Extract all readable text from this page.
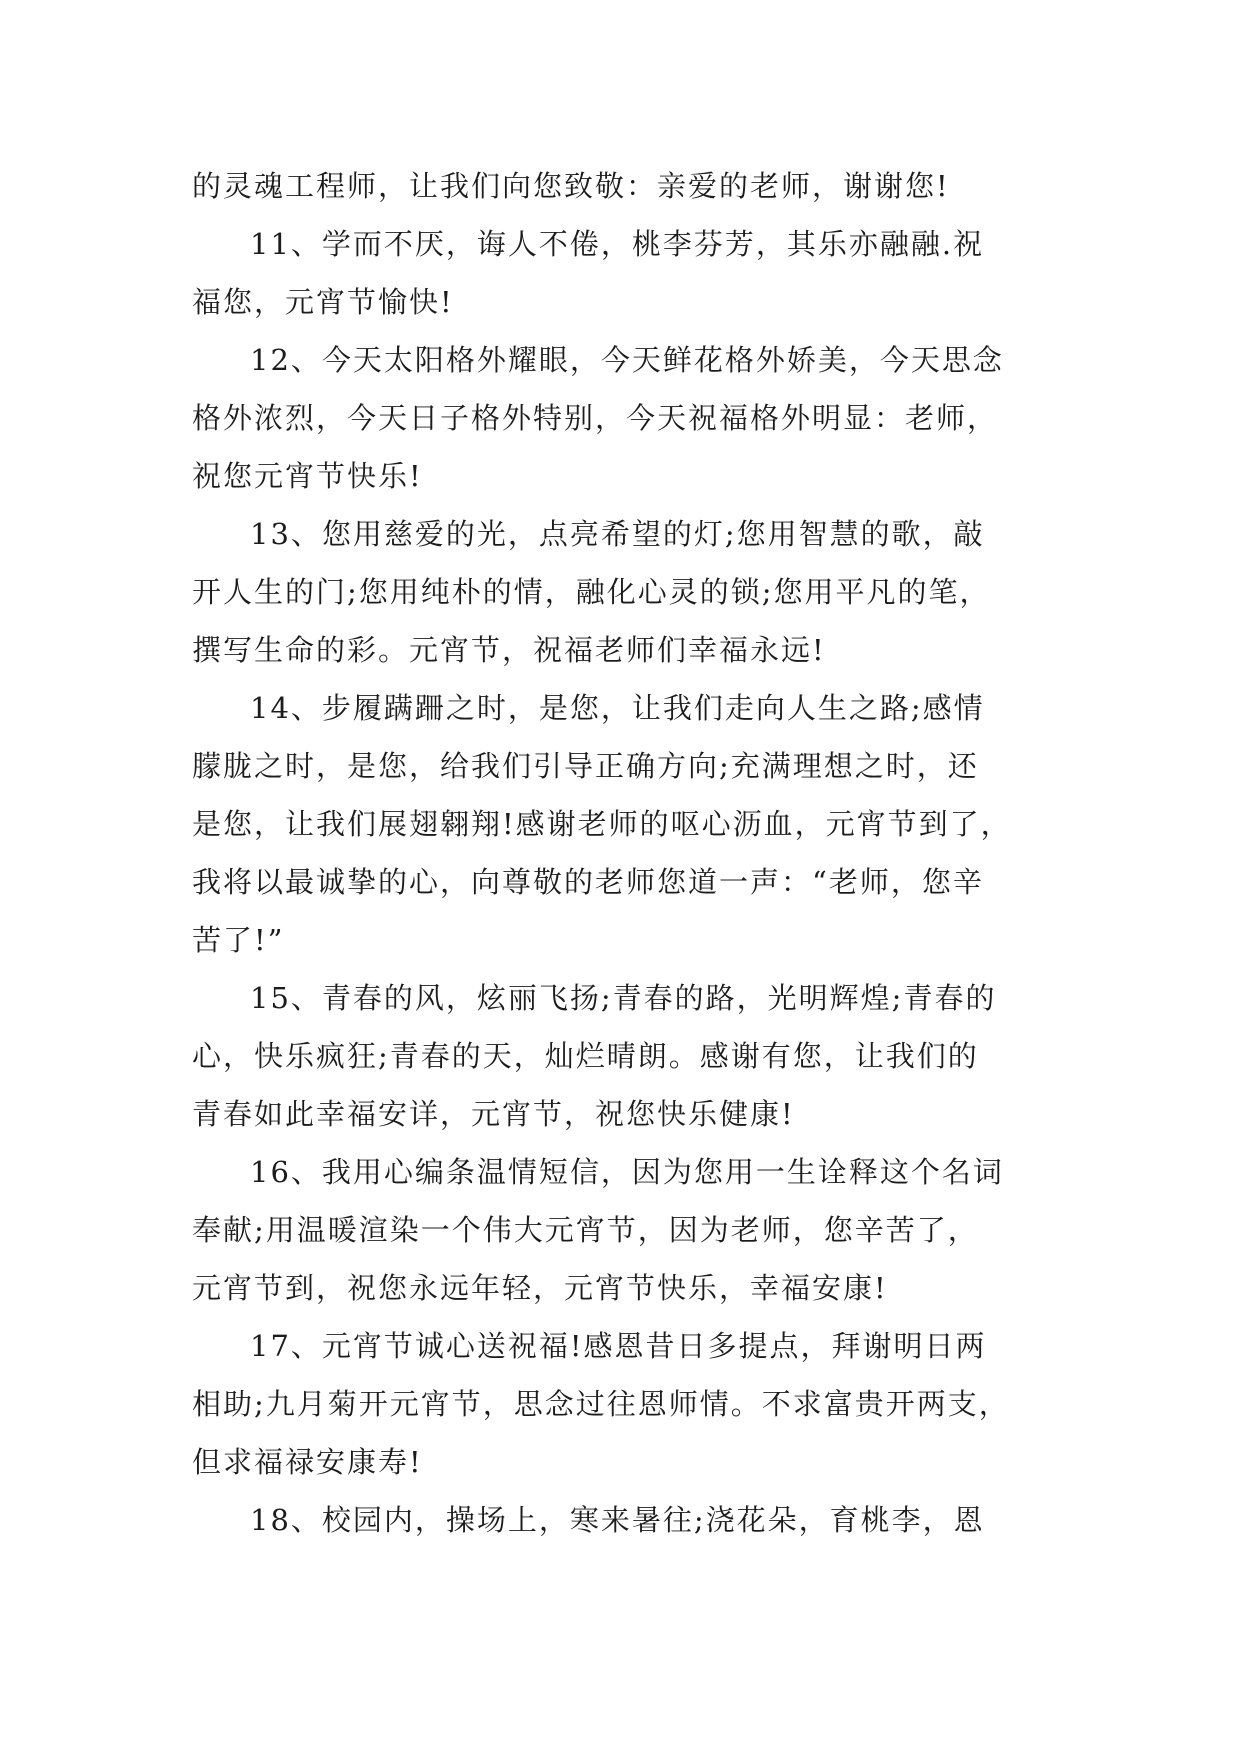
的灵魂工程师，让我们向您致敬：亲爱的老师，谢谢您!

11、学而不厌，诲人不倦，桃李芬芳，其乐亦融融.祝
福您，元宵节愉快!

12、今天太阳格外耀眼，今天鲜花格外娇美，今天思念
格外浓烈，今天日子格外特别，今天祝福格外明显：老师，
祝您元宵节快乐!

13、您用慈爱的光，点亮希望的灯;您用智慧的歌，敲
开人生的门;您用纯朴的情，融化心灵的锁;您用平凡的笔，
撰写生命的彩。元宵节，祝福老师们幸福永远!

14、步履蹒跚之时，是您，让我们走向人生之路;感情
朦胧之时，是您，给我们引导正确方向;充满理想之时，还
是您，让我们展翅翱翔!感谢老师的呕心沥血，元宵节到了，
我将以最诚挚的心，向尊敬的老师您道一声：“老师，您辛
苦了!”

15、青春的风，炫丽飞扬;青春的路，光明辉煌;青春的
心，快乐疯狂;青春的天，灿烂晴朗。感谢有您，让我们的
青春如此幸福安详，元宵节，祝您快乐健康!

16、我用心编条温情短信，因为您用一生诠释这个名词
奉献;用温暖渲染一个伟大元宵节，因为老师，您辛苦了，
元宵节到，祝您永远年轻，元宵节快乐，幸福安康!

17、元宵节诚心送祝福!感恩昔日多提点，拜谢明日两
相助;九月菊开元宵节，思念过往恩师情。不求富贵开两支，
但求福禄安康寿!

18、校园内，操场上，寒来暑往;浇花朵，育桃李，恩
